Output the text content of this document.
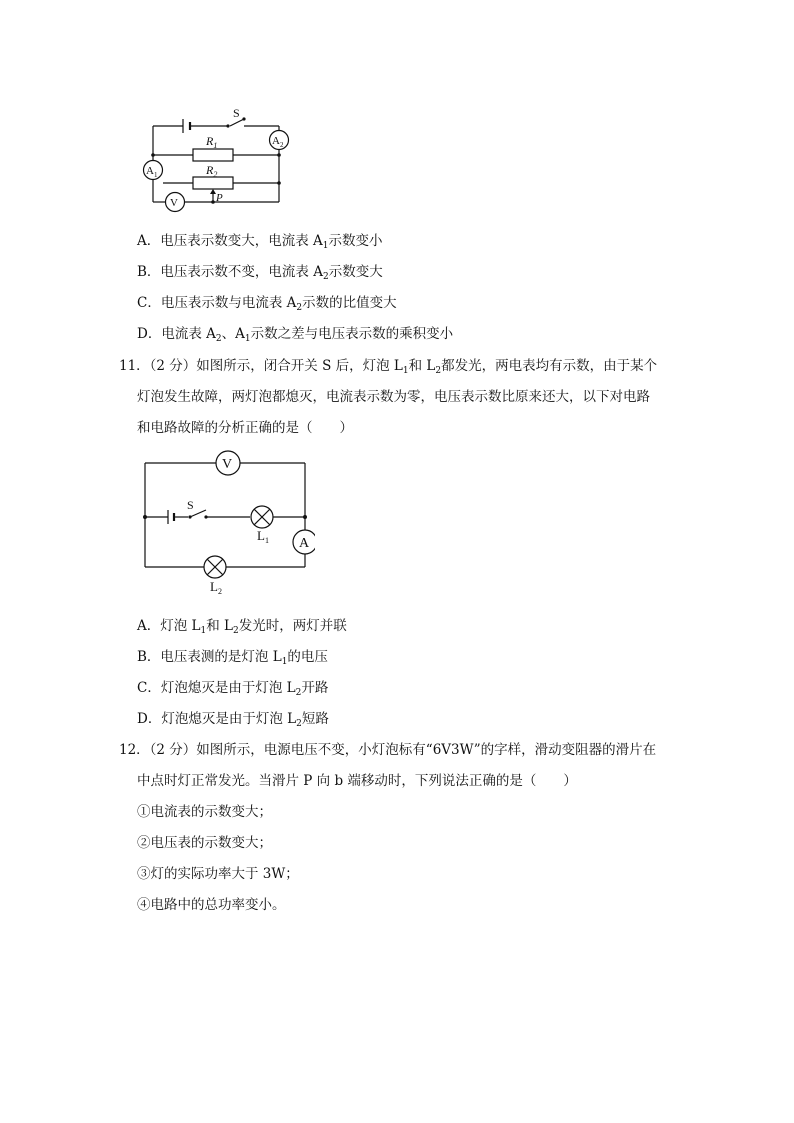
S
$R_1$
$R_2$
$A_2$
$A_1$
V	P
A．电压表示数变大，电流表 $A_1$示数变小
B．电压表示数不变，电流表 $A_2$示数变大
C．电压表示数与电流表 $A_2$示数的比值变大
D．电流表 $A_2$、$A_1$示数之差与电压表示数的乘积变小
11．（2 分）如图所示，闭合开关 S 后，灯泡 $L_1$和 $L_2$都发光，两电表均有示数，由于某个
灯泡发生故障，两灯泡都熄灭，电流表示数为零，电压表示数比原来还大，以下对电路
和电路故障的分析正确的是（　　）
V
A
S
$L_1$
$L_2$
A．灯泡 $L_1$和 $L_2$发光时，两灯并联
B．电压表测的是灯泡 $L_1$的电压
C．灯泡熄灭是由于灯泡 $L_2$开路
D．灯泡熄灭是由于灯泡 $L_2$短路
12．（2 分）如图所示，电源电压不变，小灯泡标有“6V3W”的字样，滑动变阻器的滑片在
中点时灯正常发光。当滑片 P 向 b 端移动时，下列说法正确的是（　　）
①电流表的示数变大；
②电压表的示数变大；
③灯的实际功率大于 3W；
④电路中的总功率变小。
